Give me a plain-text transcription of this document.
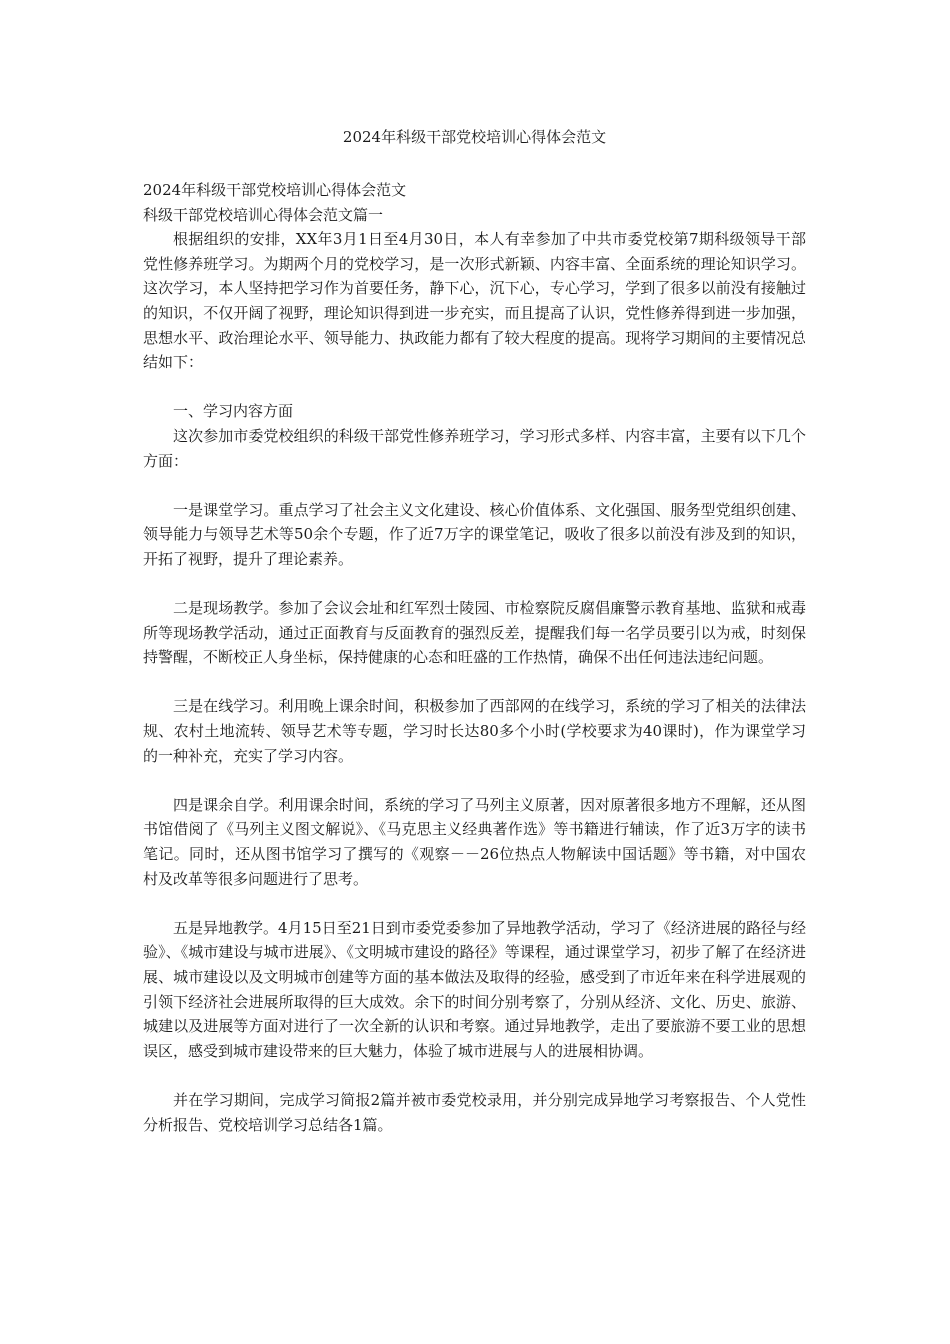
2024年科级干部党校培训心得体会范文

2024年科级干部党校培训心得体会范文

科级干部党校培训心得体会范文篇一

根据组织的安排，XX年3月1日至4月30日，本人有幸参加了中共市委党校第7期科级领导干部党性修养班学习。为期两个月的党校学习，是一次形式新颖、内容丰富、全面系统的理论知识学习。这次学习，本人坚持把学习作为首要任务，静下心，沉下心，专心学习，学到了很多以前没有接触过的知识，不仅开阔了视野，理论知识得到进一步充实，而且提高了认识，党性修养得到进一步加强，思想水平、政治理论水平、领导能力、执政能力都有了较大程度的提高。现将学习期间的主要情况总结如下：

一、学习内容方面

这次参加市委党校组织的科级干部党性修养班学习，学习形式多样、内容丰富，主要有以下几个方面：

一是课堂学习。重点学习了社会主义文化建设、核心价值体系、文化强国、服务型党组织创建、领导能力与领导艺术等50余个专题，作了近7万字的课堂笔记，吸收了很多以前没有涉及到的知识，开拓了视野，提升了理论素养。

二是现场教学。参加了会议会址和红军烈士陵园、市检察院反腐倡廉警示教育基地、监狱和戒毒所等现场教学活动，通过正面教育与反面教育的强烈反差，提醒我们每一名学员要引以为戒，时刻保持警醒，不断校正人身坐标，保持健康的心态和旺盛的工作热情，确保不出任何违法违纪问题。

三是在线学习。利用晚上课余时间，积极参加了西部网的在线学习，系统的学习了相关的法律法规、农村土地流转、领导艺术等专题，学习时长达80多个小时(学校要求为40课时)，作为课堂学习的一种补充，充实了学习内容。

四是课余自学。利用课余时间，系统的学习了马列主义原著，因对原著很多地方不理解，还从图书馆借阅了《马列主义图文解说》、《马克思主义经典著作选》等书籍进行辅读，作了近3万字的读书笔记。同时，还从图书馆学习了撰写的《观察－－26位热点人物解读中国话题》等书籍，对中国农村及改革等很多问题进行了思考。

五是异地教学。4月15日至21日到市委党委参加了异地教学活动，学习了《经济进展的路径与经验》、《城市建设与城市进展》、《文明城市建设的路径》等课程，通过课堂学习，初步了解了在经济进展、城市建设以及文明城市创建等方面的基本做法及取得的经验，感受到了市近年来在科学进展观的引领下经济社会进展所取得的巨大成效。余下的时间分别考察了，分别从经济、文化、历史、旅游、城建以及进展等方面对进行了一次全新的认识和考察。通过异地教学，走出了要旅游不要工业的思想误区，感受到城市建设带来的巨大魅力，体验了城市进展与人的进展相协调。

并在学习期间，完成学习简报2篇并被市委党校录用，并分别完成异地学习考察报告、个人党性分析报告、党校培训学习总结各1篇。
